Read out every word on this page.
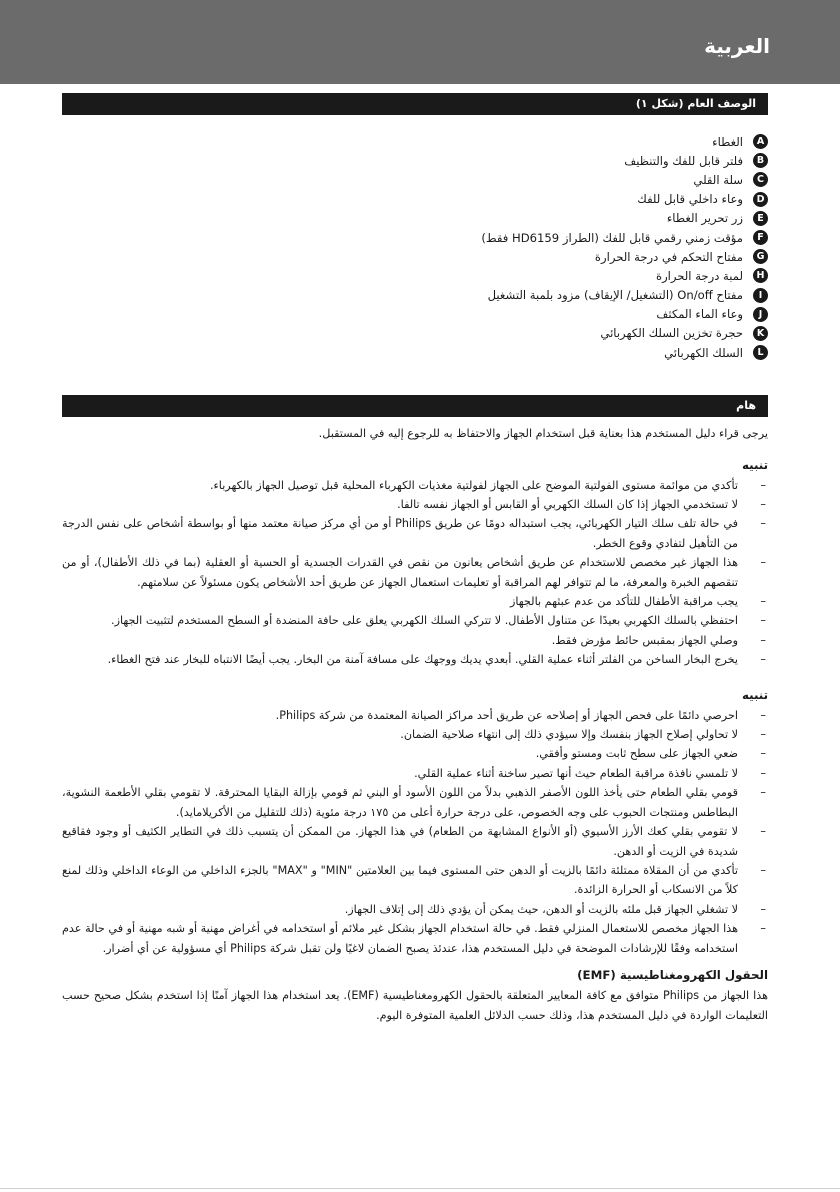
العربية
الوصف العام (شكل ١)
A
الغطاء
B
فلتر قابل للفك والتنظيف
C
سلة القلي
D
وعاء داخلي قابل للفك
E
زر تحرير الغطاء
F
مؤقت زمني رقمي قابل للفك (الطراز HD6159 فقط)
G
مفتاح التحكم في درجة الحرارة
H
لمبة درجة الحرارة
I
مفتاح On/off (التشغيل/ الإيقاف) مزود بلمبة التشغيل
J
وعاء الماء المكثف
K
حجرة تخزين السلك الكهربائي
L
السلك الكهربائي
هام

يرجى قراء دليل المستخدم هذا بعناية قبل استخدام الجهاز والاحتفاظ به للرجوع إليه في المستقبل.

تنبيه
– تأكدي من موائمة مستوى الفولتية الموضح على الجهاز لفولتية مغذيات الكهرباء المحلية قبل توصيل الجهاز بالكهرباء.
– لا تستخدمي الجهاز إذا كان السلك الكهربي أو القابس أو الجهاز نفسه تالفا.
– في حالة تلف سلك التيار الكهربائي، يجب استبداله دومًا عن طريق Philips أو من أي مركز صيانة معتمد منها أو بواسطة أشخاص على نفس الدرجة من التأهيل لتفادي وقوع الخطر.
– هذا الجهاز غير مخصص للاستخدام عن طريق أشخاص يعانون من نقص في القدرات الجسدية أو الحسية أو العقلية (بما في ذلك الأطفال)، أو من تنقصهم الخبرة والمعرفة، ما لم تتوافر لهم المراقبة أو تعليمات استعمال الجهاز عن طريق أحد الأشخاص يكون مسئولاً عن سلامتهم.
– يجب مراقبة الأطفال للتأكد من عدم عبثهم بالجهاز
– احتفظي بالسلك الكهربي بعيدًا عن متناول الأطفال. لا تتركي السلك الكهربي يعلق على حافة المنضدة أو السطح المستخدم لتثبيت الجهاز.
– وصلي الجهاز بمقبس حائط مؤرض فقط.
– يخرج البخار الساخن من الفلتر أثناء عملية القلي. أبعدي يديك ووجهك على مسافة آمنة من البخار. يجب أيضًا الانتباه للبخار عند فتح الغطاء.
تنبيه
– احرصي دائمًا على فحص الجهاز أو إصلاحه عن طريق أحد مراكز الصيانة المعتمدة من شركة Philips.
– لا تحاولي إصلاح الجهاز بنفسك وإلا سيؤدي ذلك إلى انتهاء صلاحية الضمان.
– ضعي الجهاز على سطح ثابت ومستو وأفقي.
– لا تلمسي نافذة مراقبة الطعام حيث أنها تصير ساخنة أثناء عملية القلي.
– قومي بقلي الطعام حتى يأخذ اللون الأصفر الذهبي بدلاً من اللون الأسود أو البني ثم قومي بإزالة البقايا المحترقة. لا تقومي بقلي الأطعمة النشوية، البطاطس ومنتجات الحبوب على وجه الخصوص، على درجة حرارة أعلى من ١٧٥ درجة مئوية (ذلك للتقليل من الأكريلامايد).
– لا تقومي بقلي كعك الأرز الأسيوي (أو الأنواع المشابهة من الطعام) في هذا الجهاز. من الممكن أن يتسبب ذلك في التطاير الكثيف أو وجود فقاقيع شديدة في الزيت أو الدهن.
– تأكدي من أن المقلاة ممتلئة دائمًا بالزيت أو الدهن حتى المستوى فيما بين العلامتين "MIN" و "MAX" بالجزء الداخلي من الوعاء الداخلي وذلك لمنع كلاً من الانسكاب أو الحرارة الزائدة.
– لا تشغلي الجهاز قبل ملئه بالزيت أو الدهن، حيث يمكن أن يؤدي ذلك إلى إتلاف الجهاز.
– هذا الجهاز مخصص للاستعمال المنزلي فقط. في حالة استخدام الجهاز بشكل غير ملائم أو استخدامه في أغراض مهنية أو شبه مهنية أو في حالة عدم استخدامه وفقًا للإرشادات الموضحة في دليل المستخدم هذا، عندئذ يصبح الضمان لاغيًا ولن تقبل شركة Philips أي مسؤولية عن أي أضرار.
الحقول الكهرومغناطيسية (EMF)

هذا الجهاز من Philips متوافق مع كافة المعايير المتعلقة بالحقول الكهرومغناطيسية (EMF). يعد استخدام هذا الجهاز آمنًا إذا استخدم بشكل صحيح حسب التعليمات الواردة في دليل المستخدم هذا، وذلك حسب الدلائل العلمية المتوفرة اليوم.
